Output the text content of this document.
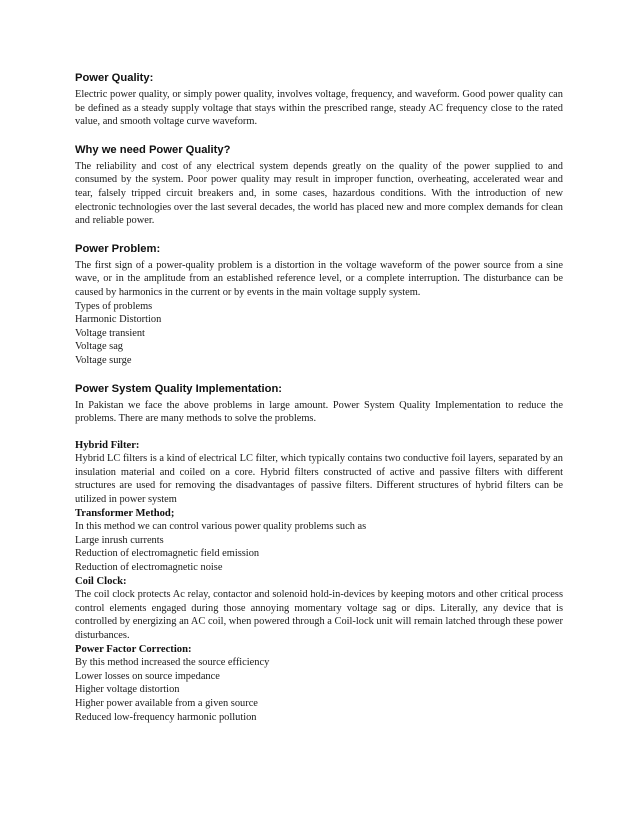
Power Quality:
Electric power quality, or simply power quality, involves voltage, frequency, and waveform. Good power quality can be defined as a steady supply voltage that stays within the prescribed range, steady AC frequency close to the rated value, and smooth voltage curve waveform.
Why we need Power Quality?
The reliability and cost of any electrical system depends greatly on the quality of the power supplied to and consumed by the system. Poor power quality may result in improper function, overheating, accelerated wear and tear, falsely tripped circuit breakers and, in some cases, hazardous conditions. With the introduction of new electronic technologies over the last several decades, the world has placed new and more complex demands for clean and reliable power.
Power Problem:
The first sign of a power-quality problem is a distortion in the voltage waveform of the power source from a sine wave, or in the amplitude from an established reference level, or a complete interruption. The disturbance can be caused by harmonics in the current or by events in the main voltage supply system.
Types of problems
Harmonic Distortion
Voltage transient
Voltage sag
Voltage surge
Power System Quality Implementation:
In Pakistan we face the above problems in large amount. Power System Quality Implementation to reduce the problems. There are many methods to solve the problems.
Hybrid Filter:
Hybrid LC filters is a kind of electrical LC filter, which typically contains two conductive foil layers, separated by an insulation material and coiled on a core. Hybrid filters constructed of active and passive filters with different structures are used for removing the disadvantages of passive filters. Different structures of hybrid filters can be utilized in power system
Transformer Method;
In this method we can control various power quality problems such as
Large inrush currents
Reduction of electromagnetic field emission
Reduction of electromagnetic noise
Coil Clock:
The coil clock protects Ac relay, contactor and solenoid hold-in-devices by keeping motors and other critical process control elements engaged during those annoying momentary voltage sag or dips. Literally, any device that is controlled by energizing an AC coil, when powered through a Coil-lock unit will remain latched through these power disturbances.
Power Factor Correction:
By this method increased the source efficiency
Lower losses on source impedance
Higher voltage distortion
Higher power available from a given source
Reduced low-frequency harmonic pollution
